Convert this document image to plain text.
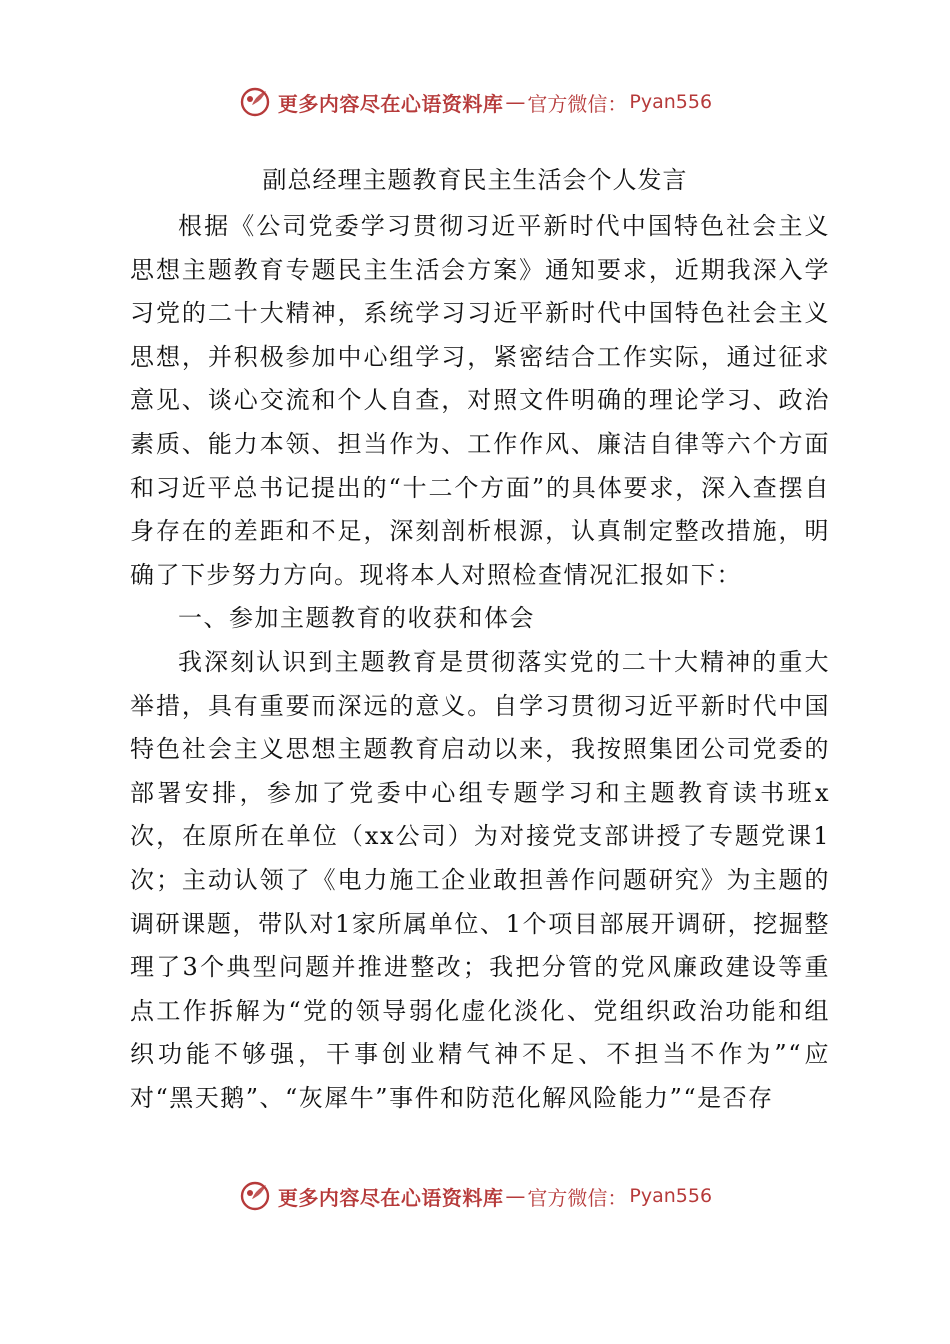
更多内容尽在心语资料库 — 官方微信： Pyan556
副总经理主题教育民主生活会个人发言

根据《公司党委学习贯彻习近平新时代中国特色社会主义思想主题教育专题民主生活会方案》通知要求，近期我深入学习党的二十大精神，系统学习习近平新时代中国特色社会主义思想，并积极参加中心组学习，紧密结合工作实际，通过征求意见、谈心交流和个人自查，对照文件明确的理论学习、政治素质、能力本领、担当作为、工作作风、廉洁自律等六个方面和习近平总书记提出的“十二个方面”的具体要求，深入查摆自身存在的差距和不足，深刻剖析根源，认真制定整改措施，明确了下步努力方向。现将本人对照检查情况汇报如下：

一、参加主题教育的收获和体会

我深刻认识到主题教育是贯彻落实党的二十大精神的重大举措，具有重要而深远的意义。自学习贯彻习近平新时代中国特色社会主义思想主题教育启动以来，我按照集团公司党委的部署安排，参加了党委中心组专题学习和主题教育读书班x次，在原所在单位（xx公司）为对接党支部讲授了专题党课1次；主动认领了《电力施工企业敢担善作问题研究》为主题的调研课题，带队对1家所属单位、1个项目部展开调研，挖掘整理了3个典型问题并推进整改；我把分管的党风廉政建设等重点工作拆解为“党的领导弱化虚化淡化、党组织政治功能和组织功能不够强，干事创业精气神不足、不担当不作为”“应对“黑天鹅”、“灰犀牛”事件和防范化解风险能力”“是否存

更多内容尽在心语资料库 — 官方微信： Pyan556
